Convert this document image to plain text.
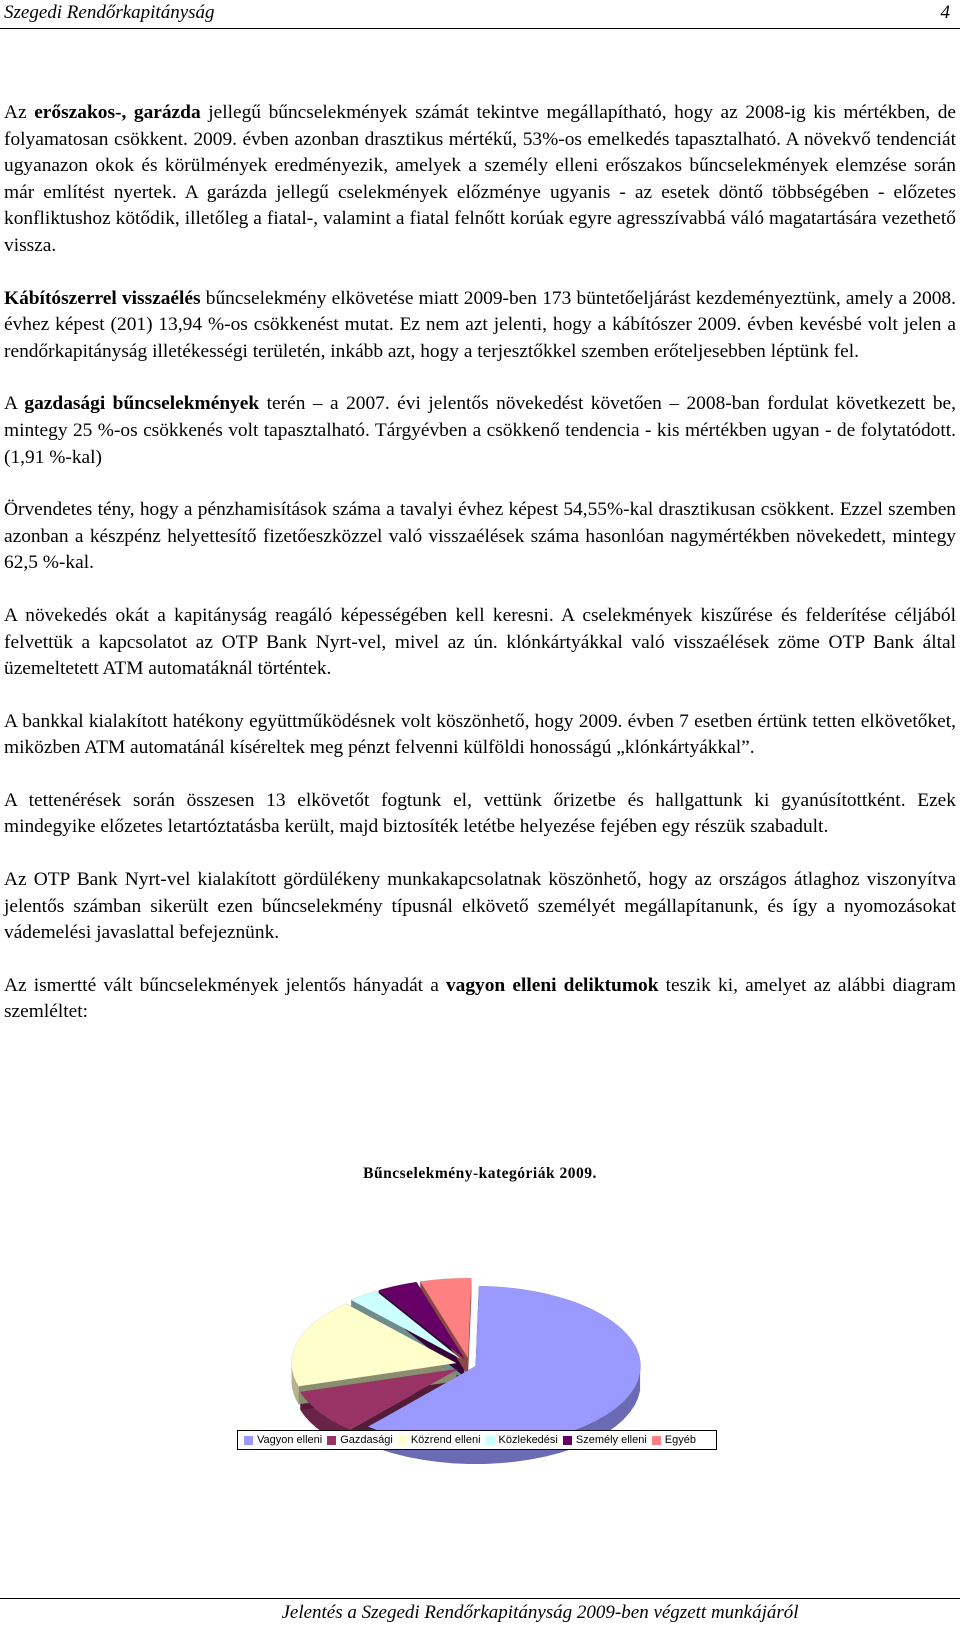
Szegedi Rendőrkapitányság	4

Az erőszakos-, garázda jellegű bűncselekmények számát tekintve megállapítható, hogy az 2008-ig kis mértékben, de folyamatosan csökkent. 2009. évben azonban drasztikus mértékű, 53%-os emelkedés tapasztalható. A növekvő tendenciát ugyanazon okok és körülmények eredményezik, amelyek a személy elleni erőszakos bűncselekmények elemzése során már említést nyertek. A garázda jellegű cselekmények előzménye ugyanis - az esetek döntő többségében - előzetes konfliktushoz kötődik, illetőleg a fiatal-, valamint a fiatal felnőtt korúak egyre agresszívabbá váló magatartására vezethető vissza.

Kábítószerrel visszaélés bűncselekmény elkövetése miatt 2009-ben 173 büntetőeljárást kezdeményeztünk, amely a 2008. évhez képest (201) 13,94 %-os csökkenést mutat. Ez nem azt jelenti, hogy a kábítószer 2009. évben kevésbé volt jelen a rendőrkapitányság illetékességi területén, inkább azt, hogy a terjesztőkkel szemben erőteljesebben léptünk fel.

A gazdasági bűncselekmények terén – a 2007. évi jelentős növekedést követően – 2008-ban fordulat következett be, mintegy 25 %-os csökkenés volt tapasztalható. Tárgyévben a csökkenő tendencia - kis mértékben ugyan - de folytatódott. (1,91 %-kal)

Örvendetes tény, hogy a pénzhamisítások száma a tavalyi évhez képest 54,55%-kal drasztikusan csökkent. Ezzel szemben azonban a készpénz helyettesítő fizetőeszközzel való visszaélések száma hasonlóan nagymértékben növekedett, mintegy 62,5 %-kal.

A növekedés okát a kapitányság reagáló képességében kell keresni. A cselekmények kiszűrése és felderítése céljából felvettük a kapcsolatot az OTP Bank Nyrt-vel, mivel az ún. klónkártyákkal való visszaélések zöme OTP Bank által üzemeltetett ATM automatáknál történtek.

A bankkal kialakított hatékony együttműködésnek volt köszönhető, hogy 2009. évben 7 esetben értünk tetten elkövetőket, miközben ATM automatánál kíséreltek meg pénzt felvenni külföldi honosságú „klónkártyákkal”.

A tettenérések során összesen 13 elkövetőt fogtunk el, vettünk őrizetbe és hallgattunk ki gyanúsítottként. Ezek mindegyike előzetes letartóztatásba került, majd biztosíték letétbe helyezése fejében egy részük szabadult.

Az OTP Bank Nyrt-vel kialakított gördülékeny munkakapcsolatnak köszönhető, hogy az országos átlaghoz viszonyítva jelentős számban sikerült ezen bűncselekmény típusnál elkövető személyét megállapítanunk, és így a nyomozásokat vádemelési javaslattal befejeznünk.

Az ismertté vált bűncselekmények jelentős hányadát a vagyon elleni deliktumok teszik ki, amelyet az alábbi diagram szemléltet:

Bűncselekmény-kategóriák 2009.
Vagyon elleni Gazdasági Közrend elleni Közlekedési Személy elleni Egyéb
Jelentés a Szegedi Rendőrkapitányság 2009-ben végzett munkájáról
